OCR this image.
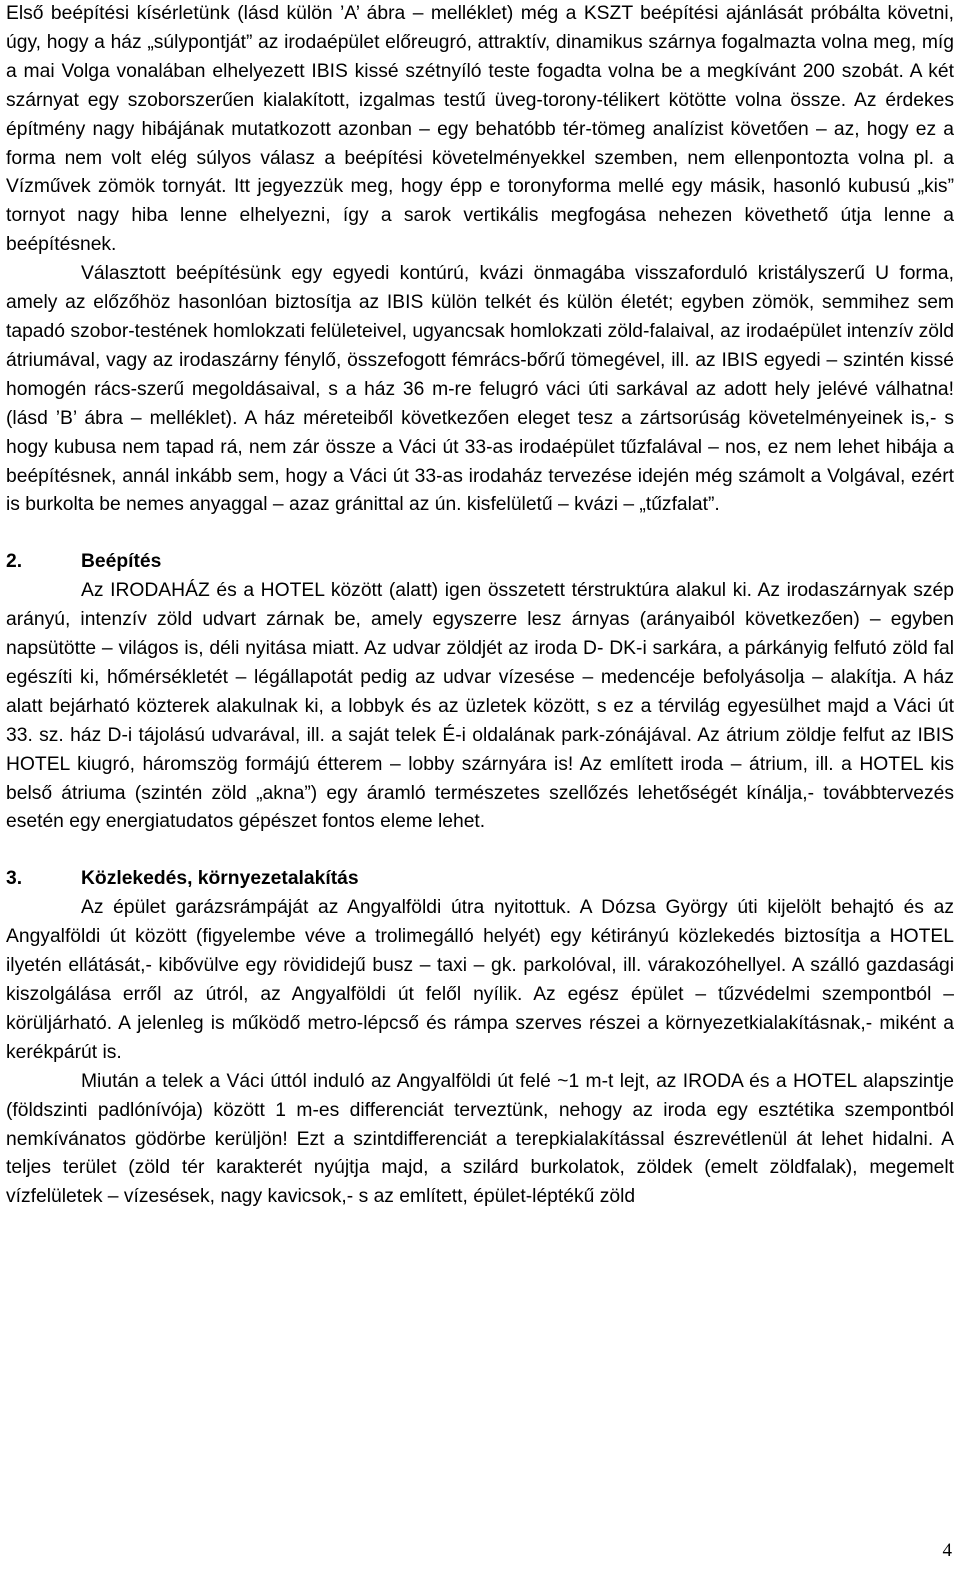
Első beépítési kísérletünk (lásd külön ’A’ ábra – melléklet) még a KSZT beépítési ajánlását próbálta követni, úgy, hogy a ház „súlypontját” az irodaépület előreugró, attraktív, dinamikus szárnya fogalmazta volna meg, míg a mai Volga vonalában elhelyezett IBIS kissé szétnyíló teste fogadta volna be a megkívánt 200 szobát. A két szárnyat egy szoborszerűen kialakított, izgalmas testű üveg-torony-télikert kötötte volna össze. Az érdekes építmény nagy hibájának mutatkozott azonban – egy behatóbb tér-tömeg analízist követően – az, hogy ez a forma nem volt elég súlyos válasz a beépítési követelményekkel szemben, nem ellenpontozta volna pl. a Vízművek zömök tornyát. Itt jegyezzük meg, hogy épp e toronyforma mellé egy másik, hasonló kubusú „kis” tornyot nagy hiba lenne elhelyezni, így a sarok vertikális megfogása nehezen követhető útja lenne a beépítésnek.

Választott beépítésünk egy egyedi kontúrú, kvázi önmagába visszaforduló kristályszerű U forma, amely az előzőhöz hasonlóan biztosítja az IBIS külön telkét és külön életét; egyben zömök, semmihez sem tapadó szobor-testének homlokzati felületeivel, ugyancsak homlokzati zöld-falaival, az irodaépület intenzív zöld átriumával, vagy az irodaszárny fénylő, összefogott fémrács-bőrű tömegével, ill. az IBIS egyedi – szintén kissé homogén rács-szerű megoldásaival, s a ház 36 m-re felugró váci úti sarkával az adott hely jelévé válhatna! (lásd ’B’ ábra – melléklet). A ház méreteiből következően eleget tesz a zártsorúság követelményeinek is,- s hogy kubusa nem tapad rá, nem zár össze a Váci út 33-as irodaépület tűzfalával – nos, ez nem lehet hibája a beépítésnek, annál inkább sem, hogy a Váci út 33-as irodaház tervezése idején még számolt a Volgával, ezért is burkolta be nemes anyaggal – azaz gránittal az ún. kisfelületű – kvázi – „tűzfalat”.

2.	Beépítés

Az IRODAHÁZ és a HOTEL között (alatt) igen összetett térstruktúra alakul ki. Az irodaszárnyak szép arányú, intenzív zöld udvart zárnak be, amely egyszerre lesz árnyas (arányaiból következően) – egyben napsütötte – világos is, déli nyitása miatt. Az udvar zöldjét az iroda D- DK-i sarkára, a párkányig felfutó zöld fal egészíti ki, hőmérsékletét – légállapotát pedig az udvar vízesése – medencéje befolyásolja – alakítja. A ház alatt bejárható közterek alakulnak ki, a lobbyk és az üzletek között, s ez a térvilág egyesülhet majd a Váci út 33. sz. ház D-i tájolású udvarával, ill. a saját telek É-i oldalának park-zónájával. Az átrium zöldje felfut az IBIS HOTEL kiugró, háromszög formájú étterem – lobby szárnyára is! Az említett iroda – átrium, ill. a HOTEL kis belső átriuma (szintén zöld „akna”) egy áramló természetes szellőzés lehetőségét kínálja,- továbbtervezés esetén egy energiatudatos gépészet fontos eleme lehet.

3.	Közlekedés, környezetalakítás

Az épület garázsrámpáját az Angyalföldi útra nyitottuk. A Dózsa György úti kijelölt behajtó és az Angyalföldi út között (figyelembe véve a trolimegálló helyét) egy kétirányú közlekedés biztosítja a HOTEL ilyetén ellátását,- kibővülve egy rövididejű busz – taxi – gk. parkolóval, ill. várakozóhellyel. A szálló gazdasági kiszolgálása erről az útról, az Angyalföldi út felől nyílik. Az egész épület – tűzvédelmi szempontból – körüljárható. A jelenleg is működő metro-lépcső és rámpa szerves részei a környezetkialakításnak,- miként a kerékpárút is.

Miután a telek a Váci úttól induló az Angyalföldi út felé ~1 m-t lejt, az IRODA és a HOTEL alapszintje (földszinti padlónívója) között 1 m-es differenciát terveztünk, nehogy az iroda egy esztétika szempontból nemkívánatos gödörbe kerüljön! Ezt a szintdifferenciát a terepkialakítással észrevétlenül át lehet hidalni. A teljes terület (zöld tér karakterét nyújtja majd, a szilárd burkolatok, zöldek (emelt zöldfalak), megemelt vízfelületek – vízesések, nagy kavicsok,- s az említett, épület-léptékű zöld

4
